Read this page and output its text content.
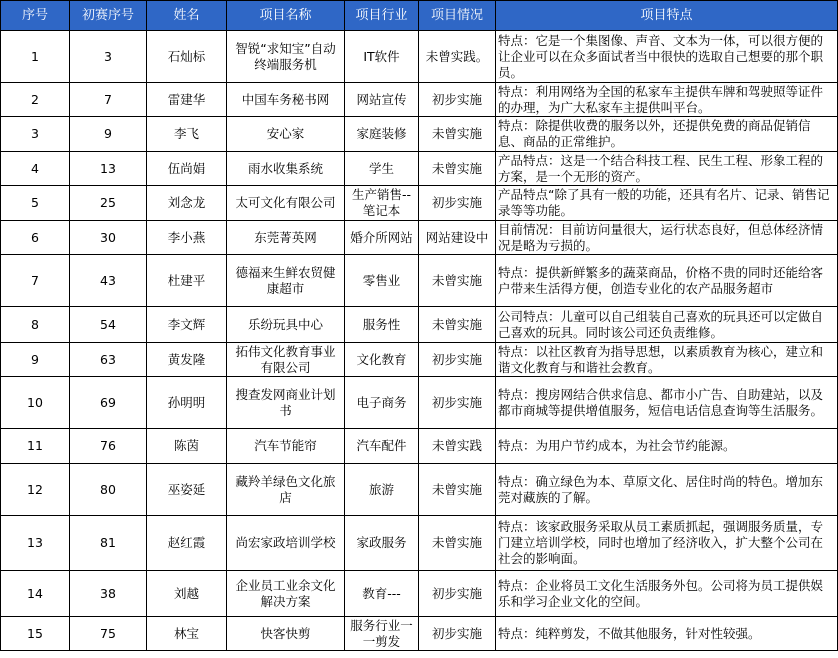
序号	初赛序号	姓名	项目名称	项目行业	项目情况	项目特点
1	3	石灿标	智锐“求知宝”自动终端服务机	IT软件	未曾实践。	特点：它是一个集图像、声音、文本为一体，可以很方便的让企业可以在众多面试者当中很快的选取自己想要的那个职员。
2	7	雷建华	中国车务秘书网	网站宣传	初步实施	特点：利用网络为全国的私家车主提供车牌和驾驶照等证件的办理，为广大私家车主提供叫平台。
3	9	李飞	安心家	家庭装修	未曾实施	特点：除提供收费的服务以外，还提供免费的商品促销信息、商品的正常维护。
4	13	伍尚娟	雨水收集系统	学生	未曾实施	产品特点：这是一个结合科技工程、民生工程、形象工程的方案，是一个无形的资产。
5	25	刘念龙	太可文化有限公司	生产销售--笔记本	初步实施	产品特点“除了具有一般的功能，还具有名片、记录、销售记录等等功能。
6	30	李小燕	东莞菁英网	婚介所网站	网站建设中	目前情况：目前访问量很大，运行状态良好，但总体经济情况是略为亏损的。
7	43	杜建平	德福来生鲜农贸健康超市	零售业	未曾实施	特点：提供新鲜繁多的蔬菜商品，价格不贵的同时还能给客户带来生活得方便，创造专业化的农产品服务超市
8	54	李文辉	乐纷玩具中心	服务性	未曾实施	公司特点：儿童可以自己组装自己喜欢的玩具还可以定做自己喜欢的玩具。同时该公司还负责维修。
9	63	黄发隆	拓伟文化教育事业有限公司	文化教育	初步实施	特点：以社区教育为指导思想，以素质教育为核心，建立和谐文化教育与和谐社会教育。
10	69	孙明明	搜查发网商业计划书	电子商务	初步实施	特点：搜房网结合供求信息、都市小广告、自助建站，以及都市商城等提供增值服务，短信电话信息查询等生活服务。
11	76	陈茵	汽车节能帘	汽车配件	未曾实践	特点：为用户节约成本，为社会节约能源。
12	80	巫姿延	藏羚羊绿色文化旅店	旅游	未曾实施	特点：确立绿色为本、草原文化、居住时尚的特色。增加东莞对藏族的了解。
13	81	赵红霞	尚宏家政培训学校	家政服务	未曾实施	特点：该家政服务采取从员工素质抓起，强调服务质量，专门建立培训学校，同时也增加了经济收入，扩大整个公司在社会的影响面。
14	38	刘越	企业员工业余文化解决方案	教育---	初步实施	特点：企业将员工文化生活服务外包。公司将为员工提供娱乐和学习企业文化的空间。
15	75	林宝	快客快剪	服务行业一一剪发	初步实施	特点：纯粹剪发，不做其他服务，针对性较强。
